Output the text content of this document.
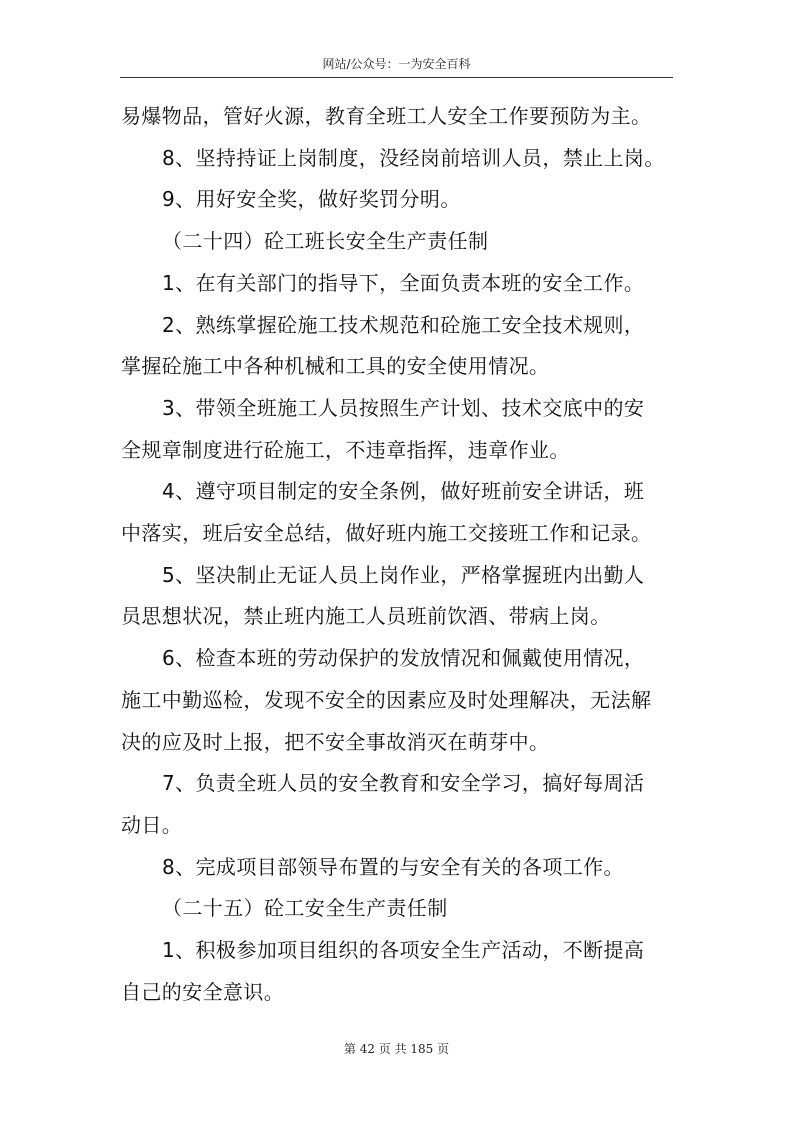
网站/公众号：一为安全百科

易爆物品，管好火源，教育全班工人安全工作要预防为主。

8、坚持持证上岗制度，没经岗前培训人员，禁止上岗。

9、用好安全奖，做好奖罚分明。

（二十四）砼工班长安全生产责任制

1、在有关部门的指导下，全面负责本班的安全工作。

2、熟练掌握砼施工技术规范和砼施工安全技术规则，

掌握砼施工中各种机械和工具的安全使用情况。

3、带领全班施工人员按照生产计划、技术交底中的安

全规章制度进行砼施工，不违章指挥，违章作业。

4、遵守项目制定的安全条例，做好班前安全讲话，班

中落实，班后安全总结，做好班内施工交接班工作和记录。

5、坚决制止无证人员上岗作业，严格掌握班内出勤人

员思想状况，禁止班内施工人员班前饮酒、带病上岗。

6、检查本班的劳动保护的发放情况和佩戴使用情况，

施工中勤巡检，发现不安全的因素应及时处理解决，无法解

决的应及时上报，把不安全事故消灭在萌芽中。

7、负责全班人员的安全教育和安全学习，搞好每周活

动日。

8、完成项目部领导布置的与安全有关的各项工作。

（二十五）砼工安全生产责任制

1、积极参加项目组织的各项安全生产活动，不断提高

自己的安全意识。

第 42 页 共 185 页
